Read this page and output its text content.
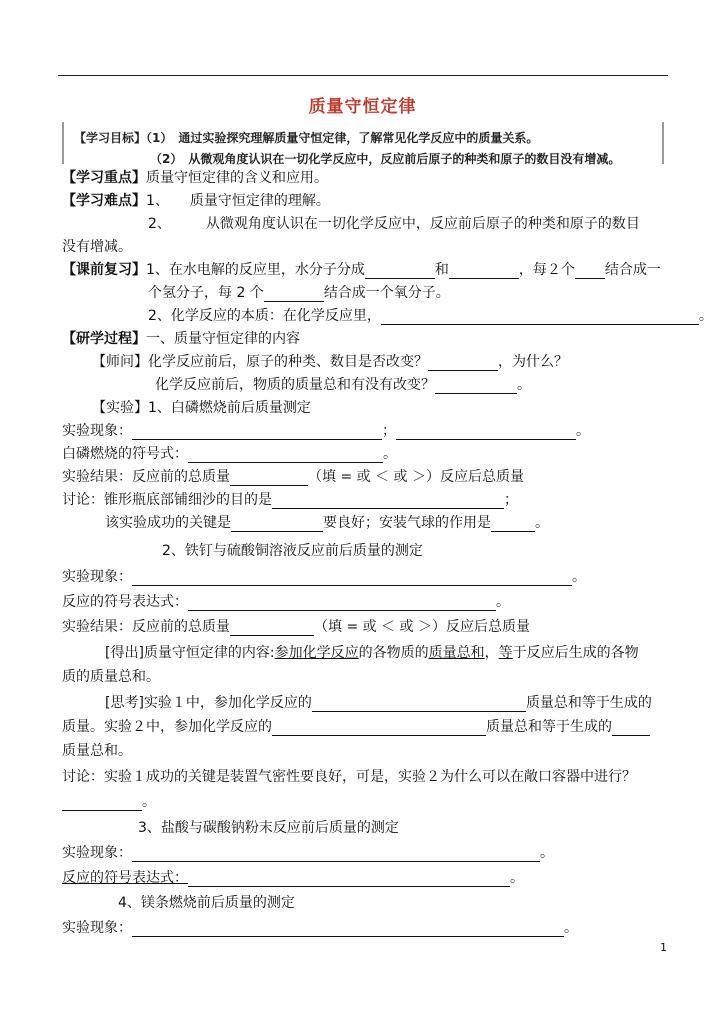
质量守恒定律
【学习目标】（1）　通过实验探究理解质量守恒定律，了解常见化学反应中的质量关系。
（2）　从微观角度认识在一切化学反应中，反应前后原子的种类和原子的数目没有增减。
【学习重点】质量守恒定律的含义和应用。
【学习难点】1、　　质量守恒定律的理解。
2、　　　从微观角度认识在一切化学反应中，反应前后原子的种类和原子的数目
没有增减。
【课前复习】1、在水电解的反应里，水分子分成	和	，每２个 结合成一
个氢分子，每 2 个	结合成一个氧分子。
2、化学反应的本质：在化学反应里，	。
【研学过程】一、质量守恒定律的内容
【师问】化学反应前后，原子的种类、数目是否改变？	，为什么？
化学反应前后，物质的质量总和有没有改变？	。
【实验】1、白磷燃烧前后质量测定
实验现象：	；	。
白磷燃烧的符号式：	。
实验结果：反应前的总质量	（填 = 或 ＜ 或 ＞）反应后总质量
讨论：锥形瓶底部铺细沙的目的是	；
该实验成功的关键是	要良好；安装气球的作用是	。
2、铁钉与硫酸铜溶液反应前后质量的测定
实验现象：	。
反应的符号表达式：	。
实验结果：反应前的总质量	（填 = 或 ＜ 或 ＞）反应后总质量
[得出]质量守恒定律的内容:参加化学反应的各物质的质量总和，等于反应后生成的各物
质的质量总和。
[思考]实验１中，参加化学反应的	质量总和等于生成的
质量。实验２中，参加化学反应的	质量总和等于生成的
质量总和。
讨论：实验１成功的关键是装置气密性要良好，可是，实验２为什么可以在敞口容器中进行？
。
3、盐酸与碳酸钠粉末反应前后质量的测定
实验现象：	。
反应的符号表达式：	。
4、镁条燃烧前后质量的测定
实验现象：	。
1
